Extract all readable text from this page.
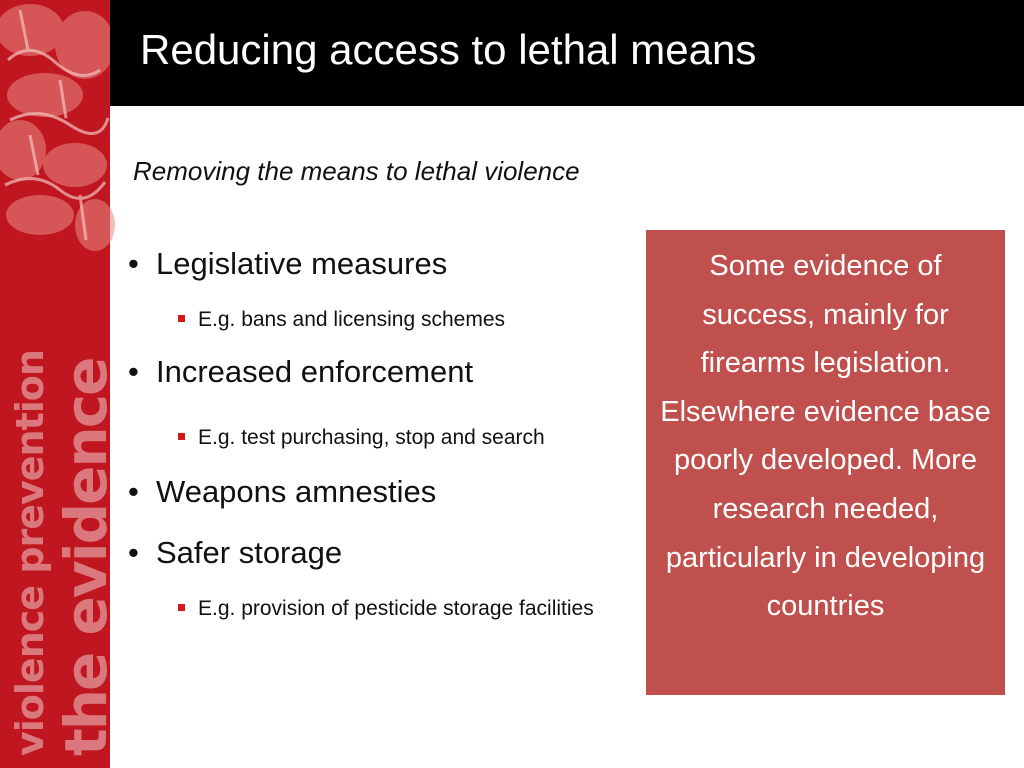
violence prevention the evidence
Reducing access to lethal means

Removing the means to lethal violence

• Legislative measures
E.g. bans and licensing schemes
• Increased enforcement
E.g. test purchasing, stop and search
• Weapons amnesties
• Safer storage
E.g. provision of pesticide storage facilities

Some evidence of success, mainly for firearms legislation. Elsewhere evidence base poorly developed. More research needed, particularly in developing countries
